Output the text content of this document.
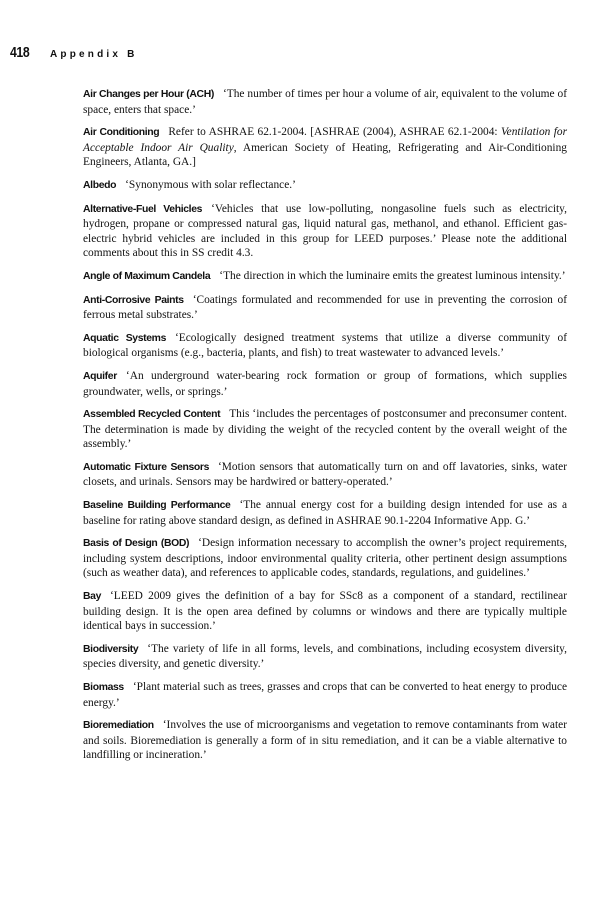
418	Appendix B

Air Changes per Hour (ACH) ‘The number of times per hour a volume of air, equivalent to the volume of space, enters that space.’

Air Conditioning Refer to ASHRAE 62.1-2004. [ASHRAE (2004), ASHRAE 62.1-2004: Ventilation for Acceptable Indoor Air Quality, American Society of Heating, Refrigerating and Air-Conditioning Engineers, Atlanta, GA.]

Albedo ‘Synonymous with solar reflectance.’

Alternative-Fuel Vehicles ‘Vehicles that use low-polluting, nongasoline fuels such as electricity, hydrogen, propane or compressed natural gas, liquid natural gas, methanol, and ethanol. Efficient gas-electric hybrid vehicles are included in this group for LEED purposes.’ Please note the additional comments about this in SS credit 4.3.

Angle of Maximum Candela ‘The direction in which the luminaire emits the greatest luminous intensity.’

Anti-Corrosive Paints ‘Coatings formulated and recommended for use in preventing the corrosion of ferrous metal substrates.’

Aquatic Systems ‘Ecologically designed treatment systems that utilize a diverse community of biological organisms (e.g., bacteria, plants, and fish) to treat wastewater to advanced levels.’

Aquifer ‘An underground water-bearing rock formation or group of formations, which supplies groundwater, wells, or springs.’

Assembled Recycled Content This ‘includes the percentages of postconsumer and preconsumer content. The determination is made by dividing the weight of the recycled content by the overall weight of the assembly.’

Automatic Fixture Sensors ‘Motion sensors that automatically turn on and off lavatories, sinks, water closets, and urinals. Sensors may be hardwired or battery-operated.’

Baseline Building Performance ‘The annual energy cost for a building design intended for use as a baseline for rating above standard design, as defined in ASHRAE 90.1-2204 Informative App. G.’

Basis of Design (BOD) ‘Design information necessary to accomplish the owner’s project requirements, including system descriptions, indoor environmental quality criteria, other pertinent design assumptions (such as weather data), and references to applicable codes, standards, regulations, and guidelines.’

Bay ‘LEED 2009 gives the definition of a bay for SSc8 as a component of a standard, rectilinear building design. It is the open area defined by columns or windows and there are typically multiple identical bays in succession.’

Biodiversity ‘The variety of life in all forms, levels, and combinations, including ecosystem diversity, species diversity, and genetic diversity.’

Biomass ‘Plant material such as trees, grasses and crops that can be converted to heat energy to produce energy.’

Bioremediation ‘Involves the use of microorganisms and vegetation to remove contaminants from water and soils. Bioremediation is generally a form of in situ remediation, and it can be a viable alternative to landfilling or incineration.’
